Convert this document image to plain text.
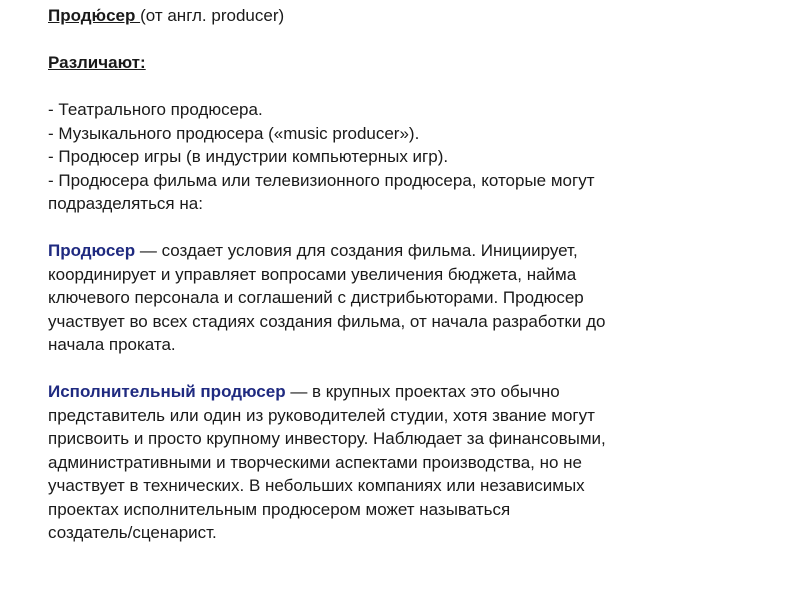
Продю́сер (от англ. producer)
Различают:
- Театрального продюсера.
- Музыкального продюсера («music producer»).
- Продюсер игры (в индустрии компьютерных игр).
- Продюсера фильма или телевизионного продюсера, которые могут
подразделяться на:
Продюсер — создает условия для создания фильма. Инициирует,
координирует и управляет вопросами увеличения бюджета, найма
ключевого персонала и соглашений с дистрибьюторами. Продюсер
участвует во всех стадиях создания фильма, от начала разработки до
начала проката.
Исполнительный продюсер — в крупных проектах это обычно
представитель или один из руководителей студии, хотя звание могут
присвоить и просто крупному инвестору. Наблюдает за финансовыми,
административными и творческими аспектами производства, но не
участвует в технических. В небольших компаниях или независимых
проектах исполнительным продюсером может называться
создатель/сценарист.
